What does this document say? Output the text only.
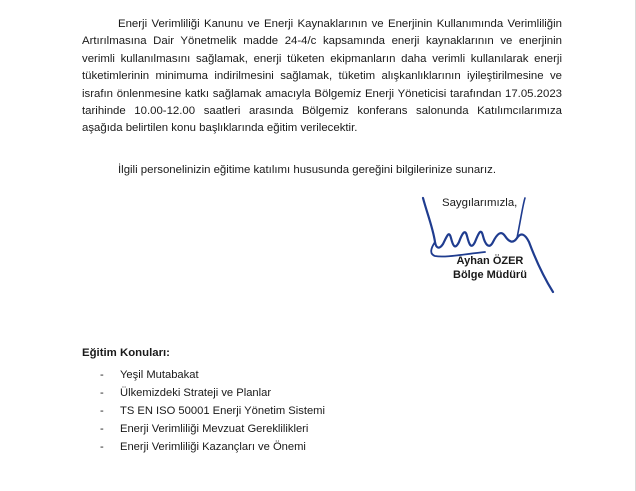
Enerji Verimliliği Kanunu ve Enerji Kaynaklarının ve Enerjinin Kullanımında Verimliliğin Artırılmasına Dair Yönetmelik madde 24-4/c kapsamında enerji kaynaklarının ve enerjinin verimli kullanılmasını sağlamak, enerji tüketen ekipmanların daha verimli kullanılarak enerji tüketimlerinin minimuma indirilmesini sağlamak, tüketim alışkanlıklarının iyileştirilmesine ve israfın önlenmesine katkı sağlamak amacıyla Bölgemiz Enerji Yöneticisi tarafından 17.05.2023 tarihinde 10.00-12.00 saatleri arasında Bölgemiz konferans salonunda Katılımcılarımıza aşağıda belirtilen konu başlıklarında eğitim verilecektir.

İlgili personelinizin eğitime katılımı hususunda gereğini bilgilerinize sunarız.

Saygılarımızla,
Ayhan ÖZER
Bölge Müdürü

Eğitim Konuları:

- Yeşil Mutabakat
- Ülkemizdeki Strateji ve Planlar
- TS EN ISO 50001 Enerji Yönetim Sistemi
- Enerji Verimliliği Mevzuat Gereklilikleri
- Enerji Verimliliği Kazançları ve Önemi
